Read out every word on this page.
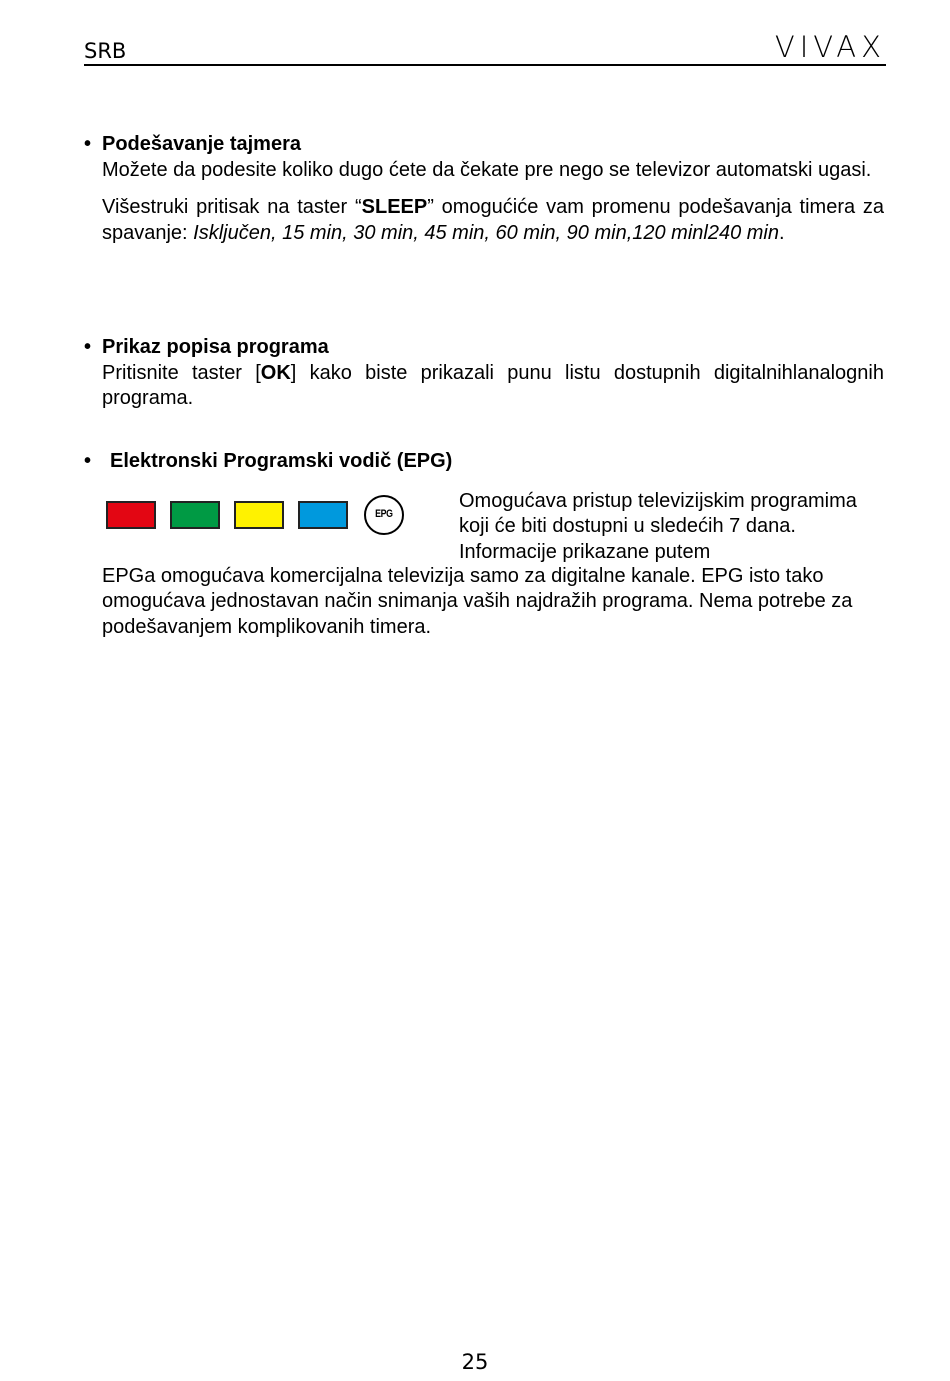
SRB	VIVAX
• Podešavanje tajmera
Možete da podesite koliko dugo ćete da čekate pre nego se televizor automatski ugasi.
Višestruki pritisak na taster “SLEEP” omogućiće vam promenu podešavanja timera za spavanje: Isključen, 15 min, 30 min, 45 min, 60 min, 90 min,120 minl240 min.
• Prikaz popisa programa
Pritisnite taster [OK] kako biste prikazali punu listu dostupnih digitalnihlanalognih programa.
• Elektronski Programski vodič (EPG)
EPG
Omogućava pristup televizijskim programima koji će biti dostupni u sledećih 7 dana. Informacije prikazane putem
EPGa omogućava komercijalna televizija samo za digitalne kanale. EPG isto tako omogućava jednostavan način snimanja vaših najdražih programa. Nema potrebe za podešavanjem komplikovanih timera.
25
